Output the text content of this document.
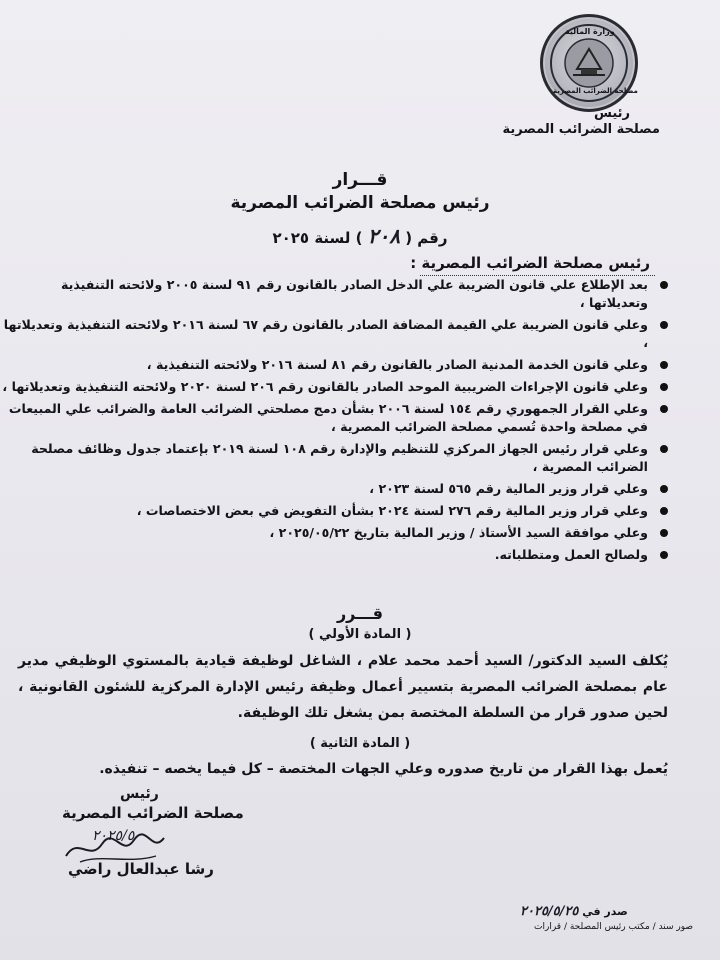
وزارة المالية
مصلحة الضرائب المصرية
رئيس
مصلحة الضرائب المصرية
قـــرار
رئيس مصلحة الضرائب المصرية
رقم ( ٢٠٨ ) لسنة ٢٠٢٥
رئيس مصلحة الضرائب المصرية :
بعد الإطلاع علي قانون الضريبة علي الدخل الصادر بالقانون رقم ٩١ لسنة ٢٠٠٥ ولائحته التنفيذية وتعديلاتها ،
وعلي قانون الضريبة علي القيمة المضافة الصادر بالقانون رقم ٦٧ لسنة ٢٠١٦ ولائحته التنفيذية وتعديلاتها ،
وعلي قانون الخدمة المدنية الصادر بالقانون رقم ٨١ لسنة ٢٠١٦ ولائحته التنفيذية ،
وعلي قانون الإجراءات الضريبية الموحد الصادر بالقانون رقم ٢٠٦ لسنة ٢٠٢٠ ولائحته التنفيذية وتعديلاتها ،
وعلي القرار الجمهوري رقم ١٥٤ لسنة ٢٠٠٦ بشأن دمج مصلحتي الضرائب العامة والضرائب علي المبيعات في مصلحة واحدة تُسمي مصلحة الضرائب المصرية ،
وعلي قرار رئيس الجهاز المركزي للتنظيم والإدارة رقم ١٠٨ لسنة ٢٠١٩ بإعتماد جدول وظائف مصلحة الضرائب المصرية ،
وعلي قرار وزير المالية رقم ٥٦٥ لسنة ٢٠٢٣ ،
وعلي قرار وزير المالية رقم ٢٧٦ لسنة ٢٠٢٤ بشأن التفويض في بعض الاختصاصات ،
وعلي موافقة السيد الأستاذ / وزير المالية بتاريخ ٢٠٢٥/٠٥/٢٢ ،
ولصالح العمل ومتطلباته.
قـــرر
( المادة الأولي )
يُكلف السيد الدكتور/ السيد أحمد محمد علام ، الشاغل لوظيفة قيادية بالمستوي الوظيفي مدير عام بمصلحة الضرائب المصرية بتسيير أعمال وظيفة رئيس الإدارة المركزية للشئون القانونية ، لحين صدور قرار من السلطة المختصة بمن يشغل تلك الوظيفة.
( المادة الثانية )
يُعمل بهذا القرار من تاريخ صدوره وعلي الجهات المختصة – كل فيما يخصه – تنفيذه.
رئيس
مصلحة الضرائب المصرية
٢٠٢٥/٥
رشا عبدالعال راضي
صدر في ٢٠٢٥/٥/٢٥
صور سند / مكتب رئيس المصلحة / قرارات
